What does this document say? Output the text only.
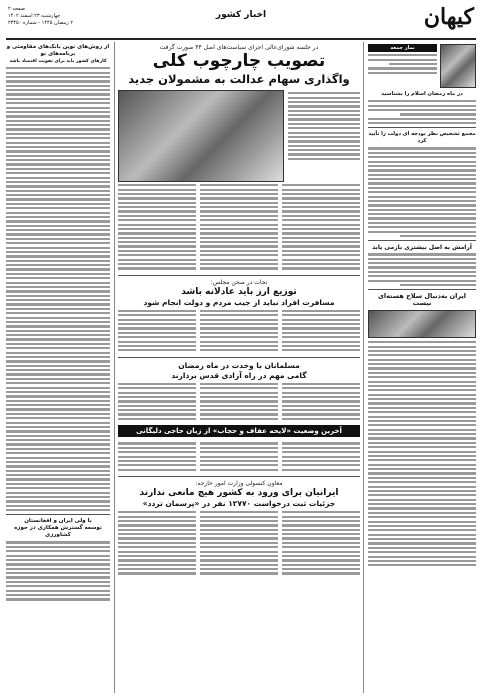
صفحه ۲
چهارشنبه ۲۳ اسفند ۱۴۰۲
۲ رمضان ۱۴۴۵ - شماره ۲۳۴۵۰
اخبار کشور	کیهان
نماز جمعه
در ماه رمضان اسلام را بشناسید
مجمع تشخیص نظر بودجه ای دولت را تأیید کرد
آرامش به اصل بیشتری بازمی یابد
ایران به‌دنبال سلاح هسته‌ای نیست
از روش‌های نوین بانک‌های مقاومتی و برنامه‌های نو
کارهای کشور باید برای تقویت اقتصاد باشد
با ولی ایران و افغانستان
توسعه گسترش همکاری در حوزه کشاورزی
در جلسه شورای‌عالی اجرای سیاست‌های اصل ۴۴ صورت گرفت
تصویب چارچوب کلی
واگذاری سهام عدالت به مشمولان جدید
نجات در صحن مجلس:
توزیع ارز باید عادلانه باشد
مسافرت افراد نباید از جیب مردم و دولت انجام شود
مسلمانان با وحدت در ماه رمضان
گامی مهم در راه آزادی قدس بردارند
آخرین وضعیت «لایحه عفاف و حجاب» از زبان حاجی دلیگانی
معاون کنسولی وزارت امور خارجه:
ایرانیان برای ورود به کشور هیچ مانعی ندارند
جزئیات ثبت درخواست ۱۲۷۷۰ نفر در «پرسمان تردد»
